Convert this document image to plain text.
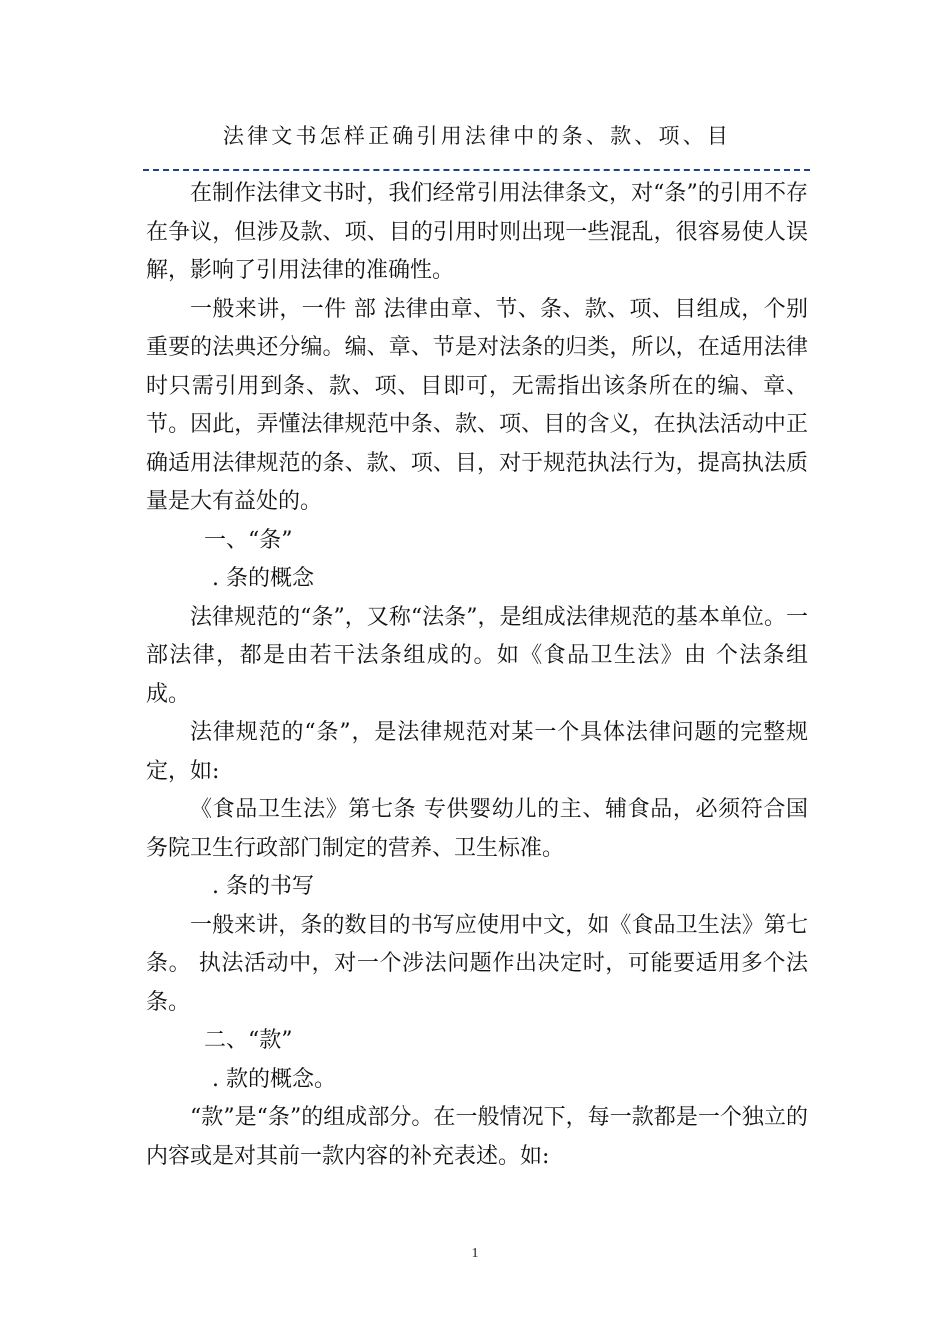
法律文书怎样正确引用法律中的条、款、项、目

在制作法律文书时，我们经常引用法律条文，对“条”的引用不存在争议，但涉及款、项、目的引用时则出现一些混乱，很容易使人误解，影响了引用法律的准确性。

一般来讲，一件 部 法律由章、节、条、款、项、目组成，个别重要的法典还分编。编、章、节是对法条的归类，所以，在适用法律时只需引用到条、款、项、目即可，无需指出该条所在的编、章、节。因此，弄懂法律规范中条、款、项、目的含义，在执法活动中正确适用法律规范的条、款、项、目，对于规范执法行为，提高执法质量是大有益处的。

一、“条”

. 条的概念

法律规范的“条”，又称“法条”，是组成法律规范的基本单位。一部法律，都是由若干法条组成的。如《食品卫生法》由 个法条组成。

法律规范的“条”，是法律规范对某一个具体法律问题的完整规定，如:

《食品卫生法》第七条 专供婴幼儿的主、辅食品，必须符合国务院卫生行政部门制定的营养、卫生标准。

. 条的书写

一般来讲，条的数目的书写应使用中文，如《食品卫生法》第七条。 执法活动中，对一个涉法问题作出决定时，可能要适用多个法条。

二、“款”

. 款的概念。

“款”是“条”的组成部分。在一般情况下，每一款都是一个独立的内容或是对其前一款内容的补充表述。如:

1
